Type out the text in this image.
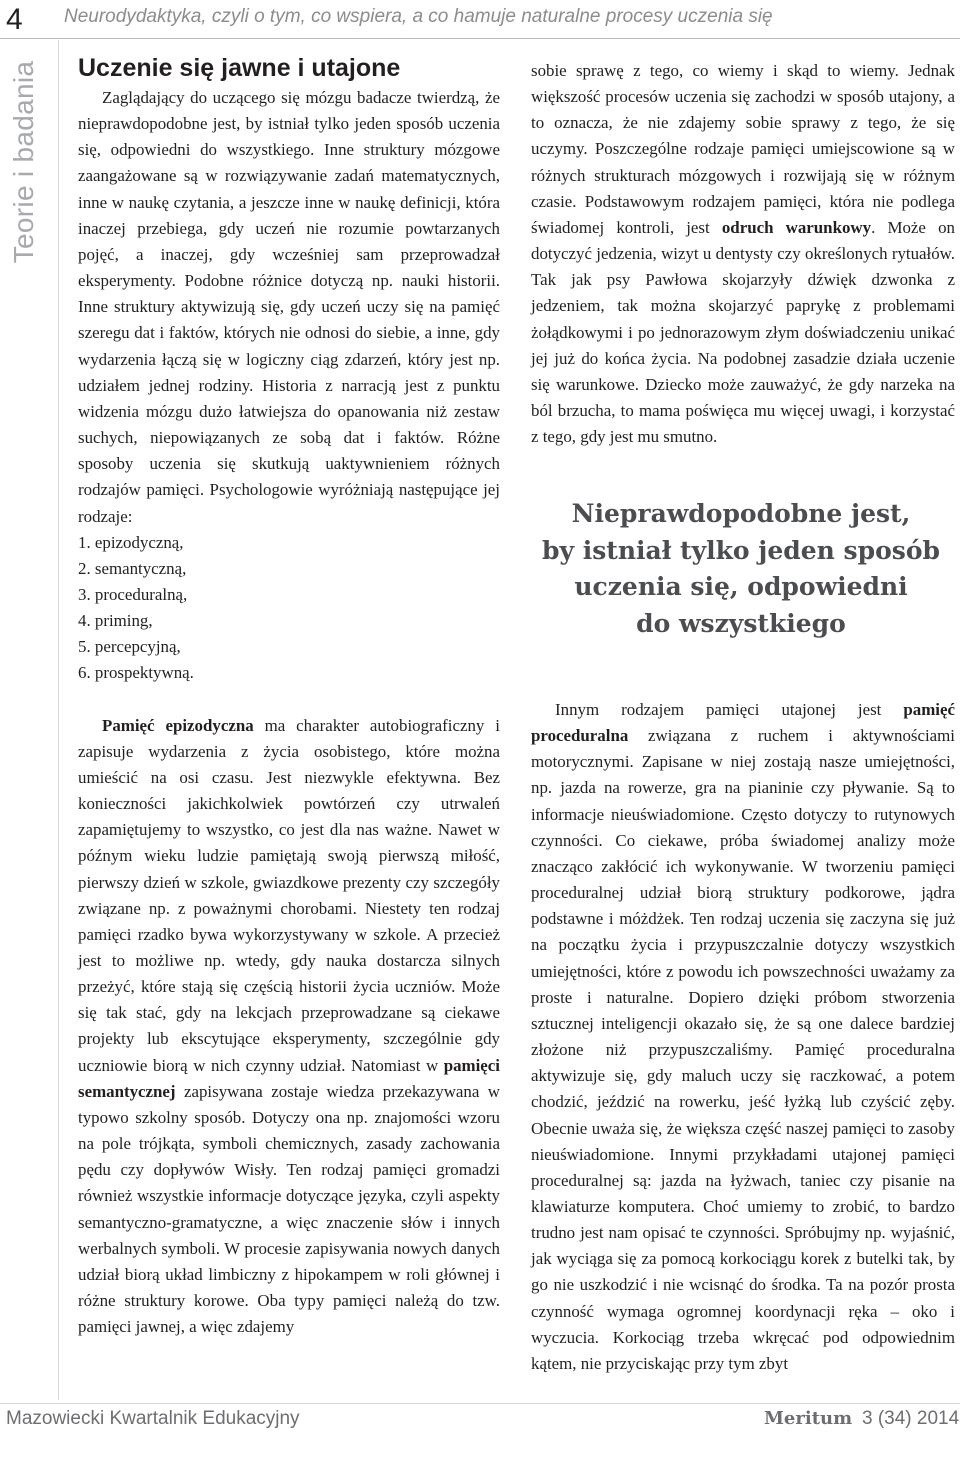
4 Neurodydaktyka, czyli o tym, co wspiera, a co hamuje naturalne procesy uczenia się
Teorie i badania Uczenie się jawne i utajone

Zaglądający do uczącego się mózgu badacze twierdzą, że nieprawdopodobne jest, by istniał tylko jeden sposób uczenia się, odpowiedni do wszystkiego. Inne struktury mózgowe zaangażowane są w rozwiązywanie zadań matematycznych, inne w naukę czytania, a jeszcze inne w naukę definicji, która inaczej przebiega, gdy uczeń nie rozumie powtarzanych pojęć, a inaczej, gdy wcześniej sam przeprowadzał eksperymenty. Podobne różnice dotyczą np. nauki historii. Inne struktury aktywizują się, gdy uczeń uczy się na pamięć szeregu dat i faktów, których nie odnosi do siebie, a inne, gdy wydarzenia łączą się w logiczny ciąg zdarzeń, który jest np. udziałem jednej rodziny. Historia z narracją jest z punktu widzenia mózgu dużo łatwiejsza do opanowania niż zestaw suchych, niepowiązanych ze sobą dat i faktów. Różne sposoby uczenia się skutkują uaktywnieniem różnych rodzajów pamięci. Psychologowie wyróżniają następujące jej rodzaje:

1. epizodyczną,
2. semantyczną,
3. proceduralną,
4. priming,
5. percepcyjną,
6. prospektywną.

Pamięć epizodyczna ma charakter autobiograficzny i zapisuje wydarzenia z życia osobistego, które można umieścić na osi czasu. Jest niezwykle efektywna. Bez konieczności jakichkolwiek powtórzeń czy utrwaleń zapamiętujemy to wszystko, co jest dla nas ważne. Nawet w późnym wieku ludzie pamiętają swoją pierwszą miłość, pierwszy dzień w szkole, gwiazdkowe prezenty czy szczegóły związane np. z poważnymi chorobami. Niestety ten rodzaj pamięci rzadko bywa wykorzystywany w szkole. A przecież jest to możliwe np. wtedy, gdy nauka dostarcza silnych przeżyć, które stają się częścią historii życia uczniów. Może się tak stać, gdy na lekcjach przeprowadzane są ciekawe projekty lub ekscytujące eksperymenty, szczególnie gdy uczniowie biorą w nich czynny udział. Natomiast w pamięci semantycznej zapisywana zostaje wiedza przekazywana w typowo szkolny sposób. Dotyczy ona np. znajomości wzoru na pole trójkąta, symboli chemicznych, zasady zachowania pędu czy dopływów Wisły. Ten rodzaj pamięci gromadzi również wszystkie informacje dotyczące języka, czyli aspekty semantyczno-gramatyczne, a więc znaczenie słów i innych werbalnych symboli. W procesie zapisywania nowych danych udział biorą układ limbiczny z hipokampem w roli głównej i różne struktury korowe. Oba typy pamięci należą do tzw. pamięci jawnej, a więc zdajemy

sobie sprawę z tego, co wiemy i skąd to wiemy. Jednak większość procesów uczenia się zachodzi w sposób utajony, a to oznacza, że nie zdajemy sobie sprawy z tego, że się uczymy. Poszczególne rodzaje pamięci umiejscowione są w różnych strukturach mózgowych i rozwijają się w różnym czasie. Podstawowym rodzajem pamięci, która nie podlega świadomej kontroli, jest odruch warunkowy. Może on dotyczyć jedzenia, wizyt u dentysty czy określonych rytuałów. Tak jak psy Pawłowa skojarzyły dźwięk dzwonka z jedzeniem, tak można skojarzyć paprykę z problemami żołądkowymi i po jednorazowym złym doświadczeniu unikać jej już do końca życia. Na podobnej zasadzie działa uczenie się warunkowe. Dziecko może zauważyć, że gdy narzeka na ból brzucha, to mama poświęca mu więcej uwagi, i korzystać z tego, gdy jest mu smutno.

Nieprawdopodobne jest,
by istniał tylko jeden sposób
uczenia się, odpowiedni
do wszystkiego

Innym rodzajem pamięci utajonej jest pamięć proceduralna związana z ruchem i aktywnościami motorycznymi. Zapisane w niej zostają nasze umiejętności, np. jazda na rowerze, gra na pianinie czy pływanie. Są to informacje nieuświadomione. Często dotyczy to rutynowych czynności. Co ciekawe, próba świadomej analizy może znacząco zakłócić ich wykonywanie. W tworzeniu pamięci proceduralnej udział biorą struktury podkorowe, jądra podstawne i móżdżek. Ten rodzaj uczenia się zaczyna się już na początku życia i przypuszczalnie dotyczy wszystkich umiejętności, które z powodu ich powszechności uważamy za proste i naturalne. Dopiero dzięki próbom stworzenia sztucznej inteligencji okazało się, że są one dalece bardziej złożone niż przypuszczaliśmy. Pamięć proceduralna aktywizuje się, gdy maluch uczy się raczkować, a potem chodzić, jeździć na rowerku, jeść łyżką lub czyścić zęby. Obecnie uważa się, że większa część naszej pamięci to zasoby nieuświadomione. Innymi przykładami utajonej pamięci proceduralnej są: jazda na łyżwach, taniec czy pisanie na klawiaturze komputera. Choć umiemy to zrobić, to bardzo trudno jest nam opisać te czynności. Spróbujmy np. wyjaśnić, jak wyciąga się za pomocą korkociągu korek z butelki tak, by go nie uszkodzić i nie wcisnąć do środka. Ta na pozór prosta czynność wymaga ogromnej koordynacji ręka – oko i wyczucia. Korkociąg trzeba wkręcać pod odpowiednim kątem, nie przyciskając przy tym zbyt

Mazowiecki Kwartalnik Edukacyjny	Meritum 3 (34) 2014
